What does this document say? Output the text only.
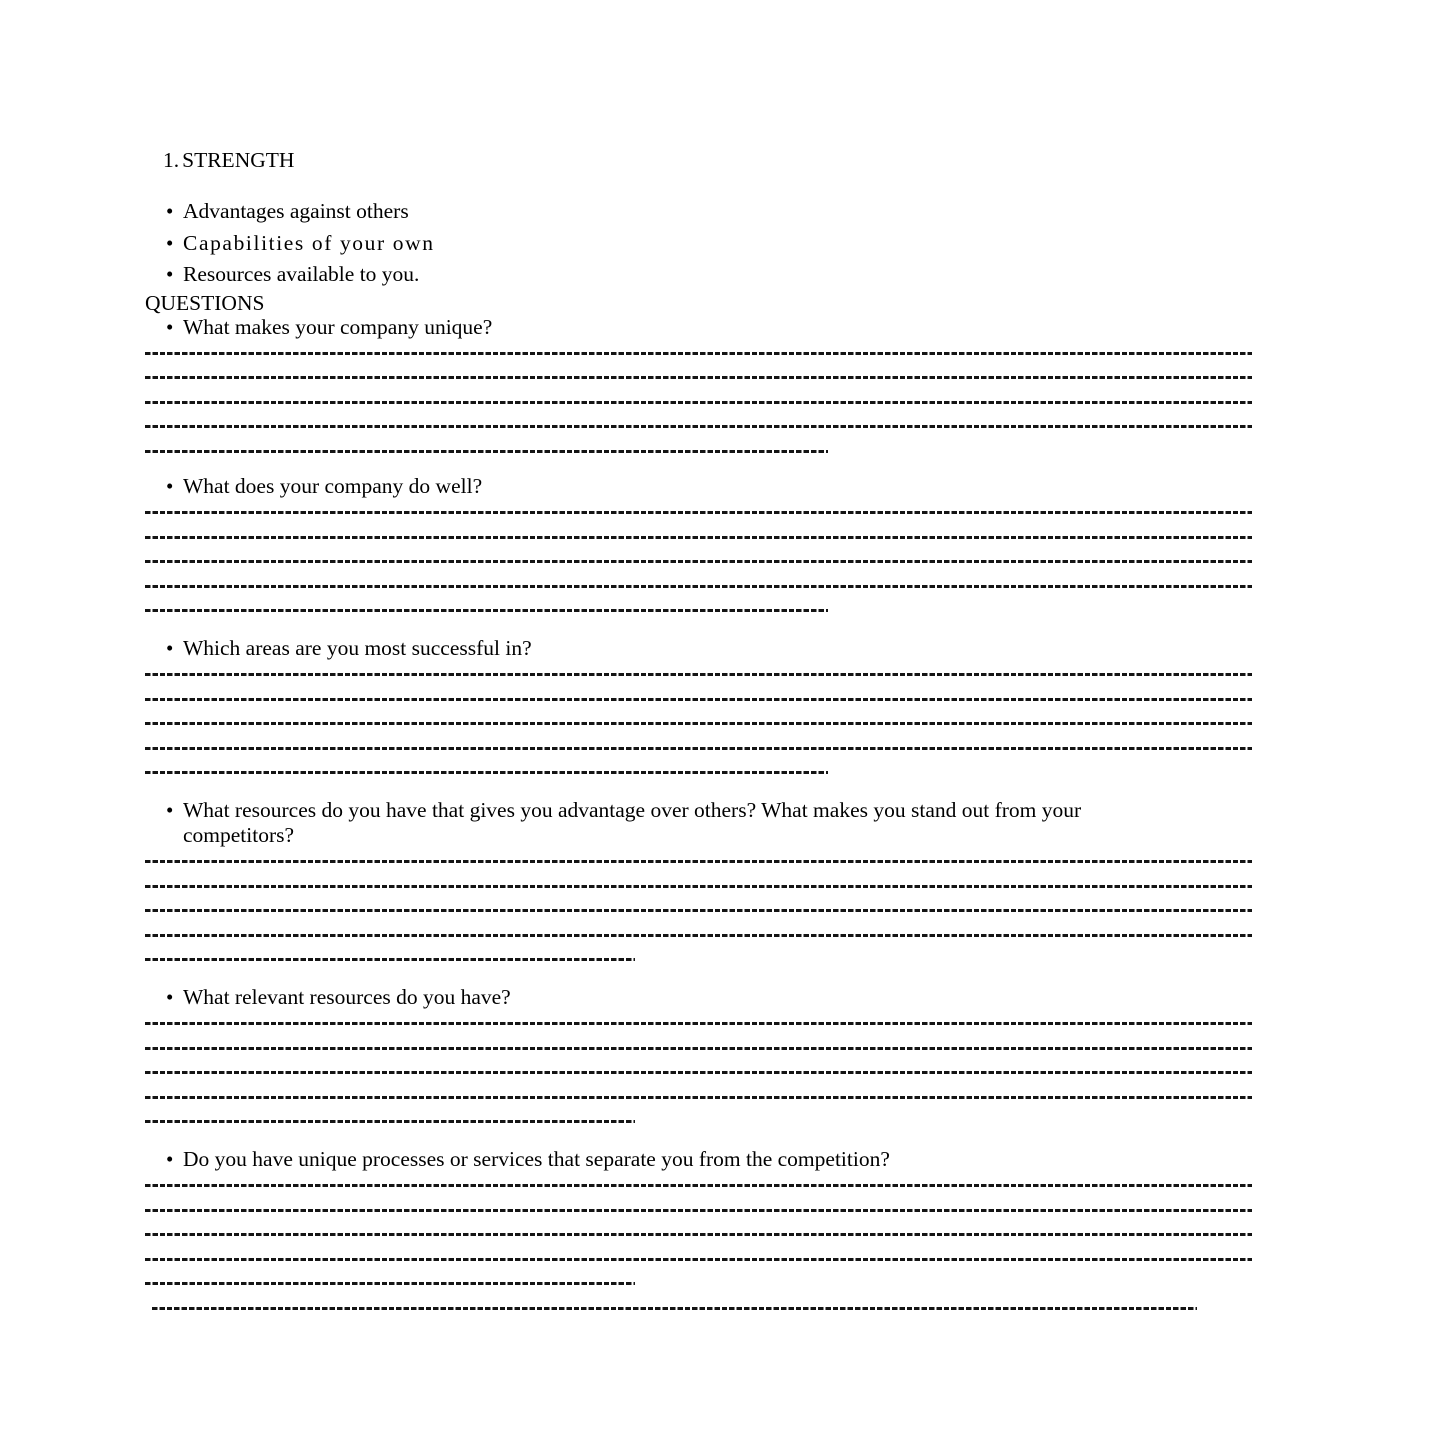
1. STRENGTH
• Advantages against others
• Capabilities of your own
• Resources available to you.
QUESTIONS
• What makes your company unique?
• What does your company do well?
• Which areas are you most successful in?
• What resources do you have that gives you advantage over others? What makes you stand out from your competitors?
• What relevant resources do you have?
• Do you have unique processes or services that separate you from the competition?
